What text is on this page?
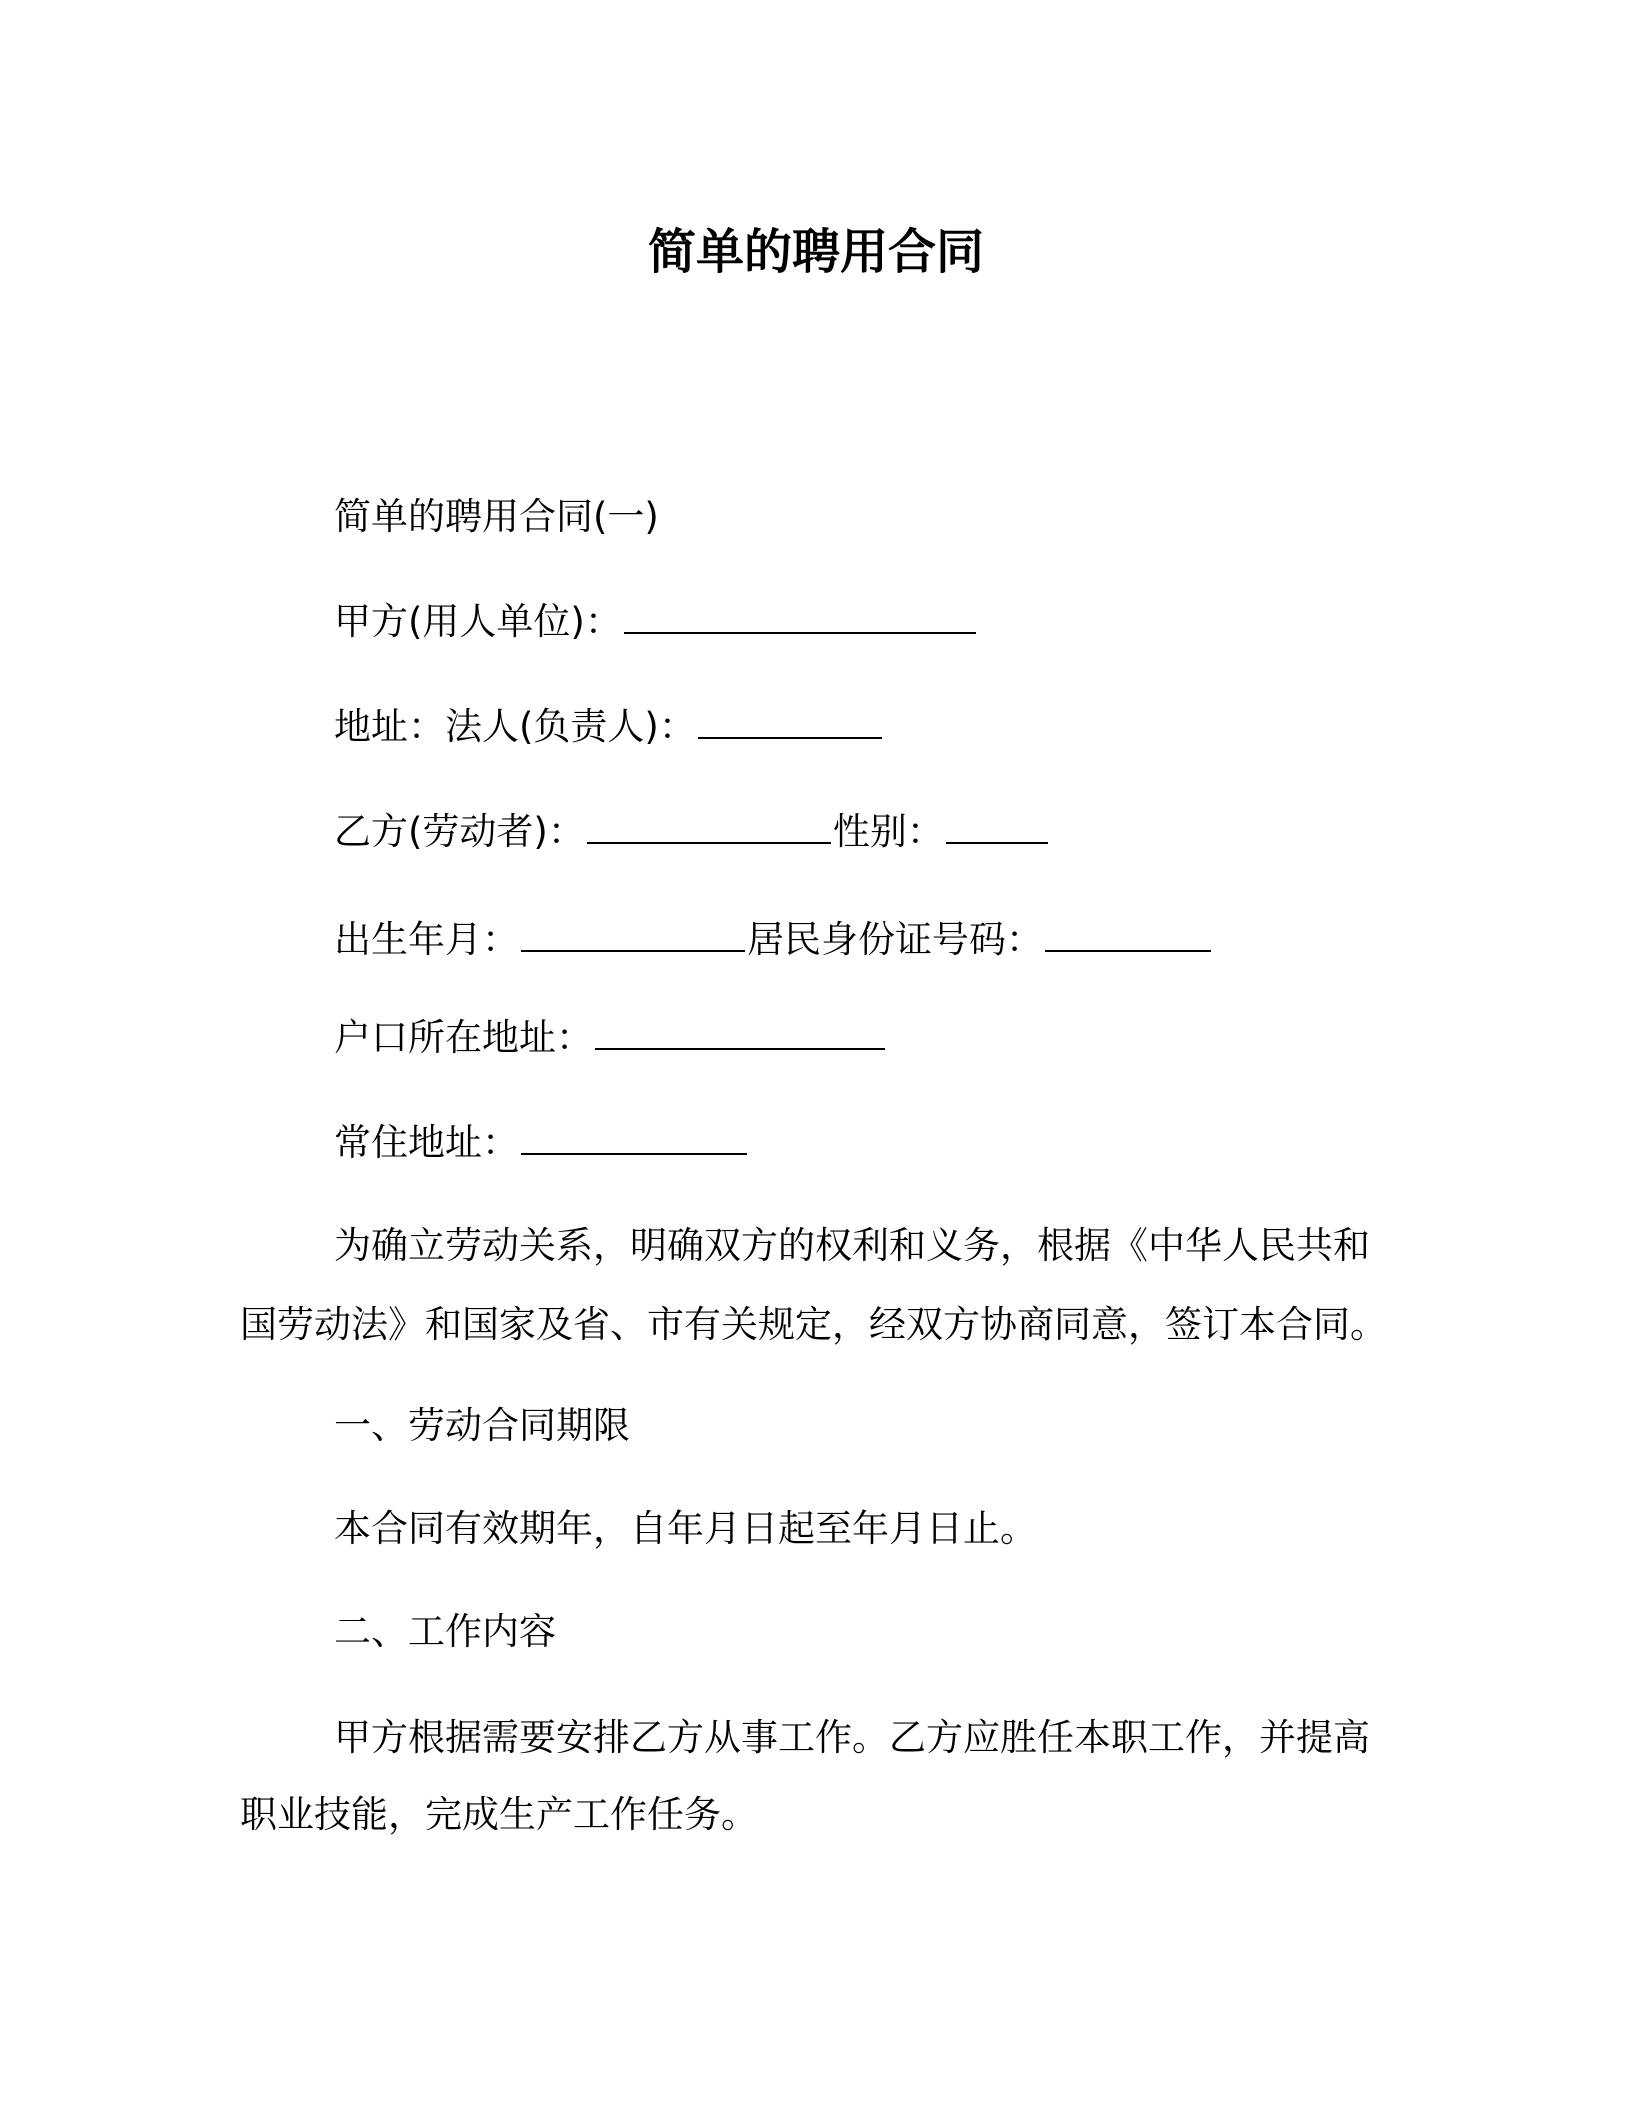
简单的聘用合同
简单的聘用合同(一)
甲方(用人单位)：
地址：法人(负责人)：
乙方(劳动者)：	性别：
出生年月：	居民身份证号码：
户口所在地址：
常住地址：
为确立劳动关系，明确双方的权利和义务，根据《中华人民共和
国劳动法》和国家及省、市有关规定，经双方协商同意，签订本合同。
一、劳动合同期限
本合同有效期年，自年月日起至年月日止。
二、工作内容
甲方根据需要安排乙方从事工作。乙方应胜任本职工作，并提高
职业技能，完成生产工作任务。
